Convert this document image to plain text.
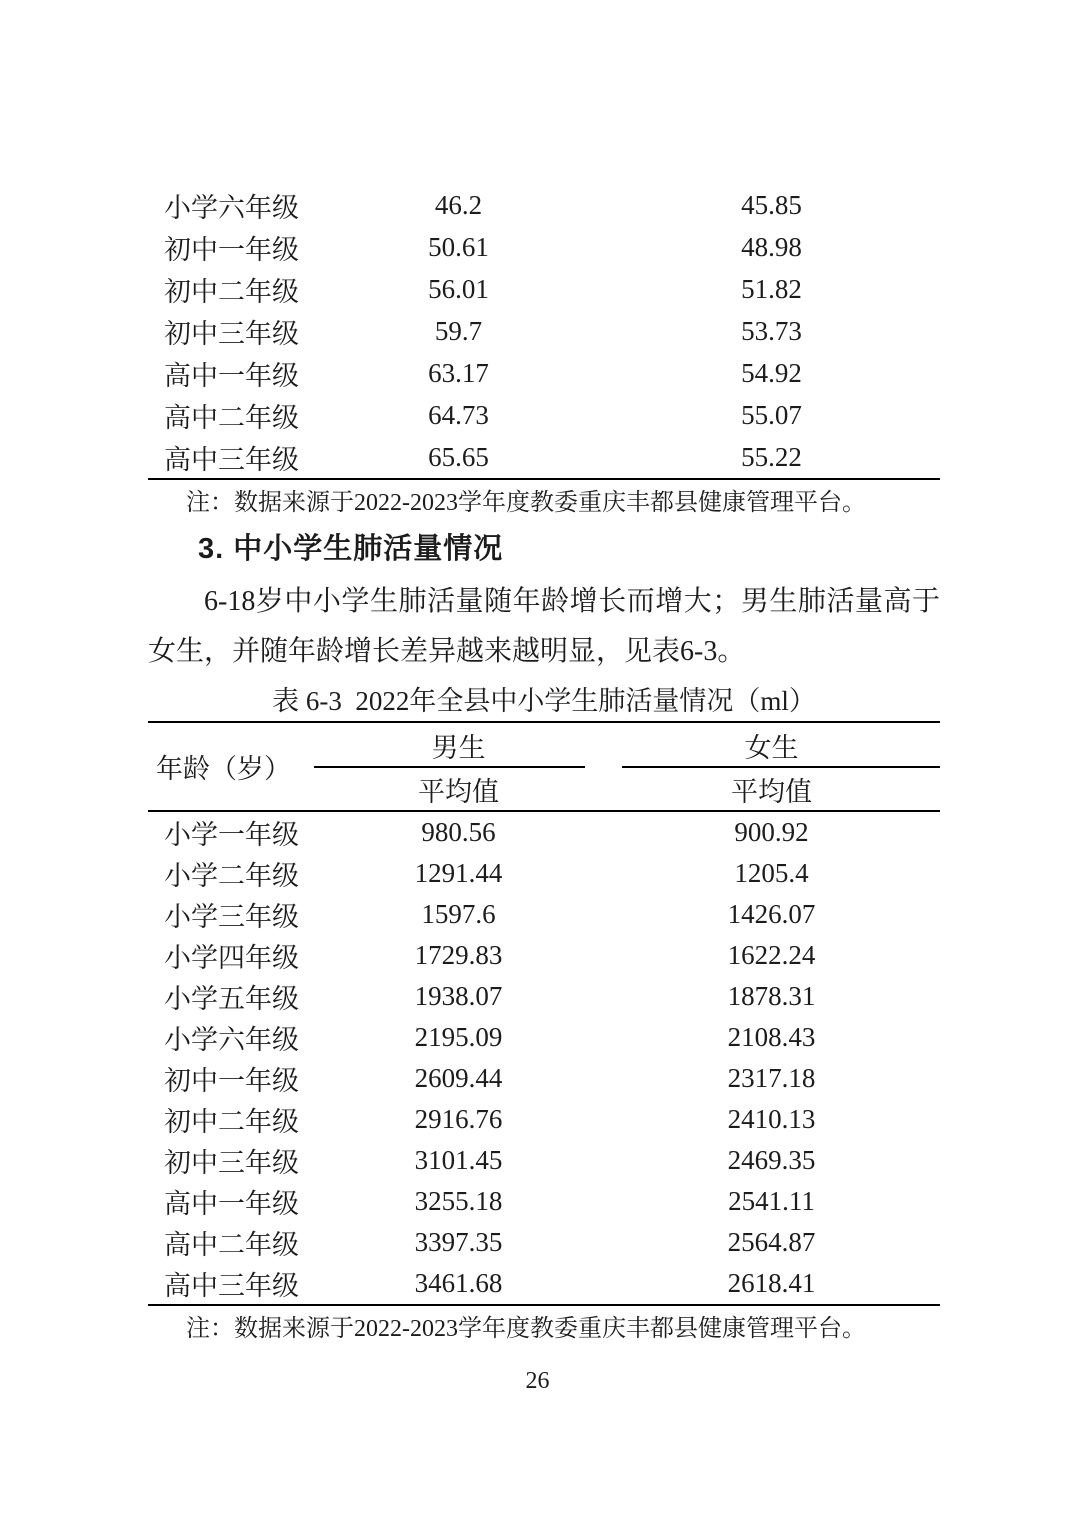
小学六年级	46.2	45.85
初中一年级	50.61	48.98
初中二年级	56.01	51.82
初中三年级	59.7	53.73
高中一年级	63.17	54.92
高中二年级	64.73	55.07
高中三年级	65.65	55.22
注：数据来源于2022-2023学年度教委重庆丰都县健康管理平台。
3. 中小学生肺活量情况
6-18岁中小学生肺活量随年龄增长而增大；男生肺活量高于女生，并随年龄增长差异越来越明显，见表6-3。
表 6-3  2022年全县中小学生肺活量情况（ml）
年龄（岁）
男生	女生
平均值	平均值
小学一年级	980.56	900.92
小学二年级	1291.44	1205.4
小学三年级	1597.6	1426.07
小学四年级	1729.83	1622.24
小学五年级	1938.07	1878.31
小学六年级	2195.09	2108.43
初中一年级	2609.44	2317.18
初中二年级	2916.76	2410.13
初中三年级	3101.45	2469.35
高中一年级	3255.18	2541.11
高中二年级	3397.35	2564.87
高中三年级	3461.68	2618.41
注：数据来源于2022-2023学年度教委重庆丰都县健康管理平台。
26
